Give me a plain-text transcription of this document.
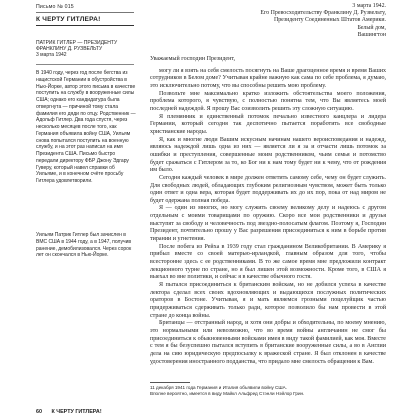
Письмо № 015
К ЧЕРТУ ГИТЛЕРА!
ПАТРИК ГИТЛЕР — ПРЕЗИДЕНТУ
ФРАНКЛИНУ Д. РУЗВЕЛЬТУ
3 марта 1942

В 1940 году, через год после бегства из нацистской Германии в обустройства в Нью-Йорке, автор этого письма в качестве поступить на службу в вооруженные силы США; однако его кандидатура была отвергнута — причиной тому стала фамилия его дяди по отцу. Родственник — Адольф Гитлер. Два года спустя, через несколько месяцев после того, как Германия объявила войну США, Уильям снова попытался поступить на военную службу, и на этот раз написал на имя Президента США. Письмо быстро передали директору ФБР Джону Эдгару Гуверу, который навел справки об Уильяме, и в конечном счёте просьбу Гитлера удовлетворили.

Уильям Патрик Гитлер был зачислен в ВМС США в 1944 году, а в 1947, получив ранение, демобилизовался. Через сорок лет он скончался в Нью-Йорке.

3 марта 1942.
Его Превосходительству Франклину Д. Рузвельту,
Президенту Соединенных Штатов Америки.
Белый дом,
Вашингтон

Уважаемый господин Президент,

могу ли я взять на себя смелость посягнуть на Ваше драгоценное время и время Ваших сотрудников в Белом доме? Учитывая крайне важную как сама по себе проблема, я думаю, это исключительно потому, что вы способны решить мою проблему.

Позвольте мне максимально кратко изложить обстоятельства моего положения, проблема которого, я чувствую, с полностью понятна тем, что Вы являетесь моей последней надеждой. Я прошу Вас соизволить решить эту сложную ситуацию.

Я племянник и единственный потомок печально известного канцлера и лидера Германии, который сегодня так деспотично пытается поработить все свободные христианские народы.

Я, как и многие люди Вашим искусным начинам нашего вероисповедания и надежд, являюсь надеждой лишь одна из них — является ли я за и отчасти лишь потомок за ошибки и преступления, совершенные моим родственником, чьим семья и потомство будет сражаться с Гитлером за то, ко Бог ни к нам тому будет ни к чему, что от рождения им было.

Сегодня каждый человек в мире должен ответить самому себе, чему он будет служить. Для свободных людей, обладающих глубоким религиозным чувством, может быть только один ответ и одна вера, которая будет поддерживать их до их пор, пока от над миром не будет одержана полная победа.

Я — один из многих, но могу служить своему великому делу и надеюсь с другом отдельным с моими товарищами по оружию. Скоро все мои родственники и друзья выступят за свободу и человечность под звездно-полосатым флагом. Поэтому я, Господин Президент, почтительно прошу у Вас разрешения присоединиться к ним в борьбе против тирании и угнетения.

После побега из Рейха в 1939 году стал гражданином Великобритании. В Америку я прибыл вместе со своей матерью-ирландкой, главным образом для того, чтобы всесторонне здесь с ее родственниками. В то же самое время мне предложили контракт лекционного турне по стране, но я был лишен этой возможности. Кроме того, в США я выехал во вне политики, и сейчас я в качестве обычного гостя.

Я пытался присоединиться к британским войскам, но не добился успеха в качестве лектора сделал всех своих вдохновляющих и выдающихся послужных политических ораторов в Бостоне. Учитывая, я и мать являемся грозными поцелуйщик частью придерживаться сдерживать только ради, которое позволило бы нам провести в этой стране до конца войны.

Британцы — отстранный народ, и хотя они добры и обходительны, по моему мнению, это нормальными или невозможно, что во время войны англичанин не смог бы присоединиться к обыкновенными войсками имея в виду такой фамилией, как моя. Вместе с тем я бы безуспешно пытался вступить в британские вооруженные силы, а во в Англии дела на сию юридическую предпосылку к вражеской стране. Я был отклонен в качестве удостоверения иностранного подданства, что придало мне смелость обращения к Вам.

11 декабря 1941 года Германия и Италия объявили войну США.
Вполне вероятно, имеется в виду Майкл Альфред Стэнли Нэйлор Грин.
60 К ЧЕРТУ ГИТЛЕРА!
